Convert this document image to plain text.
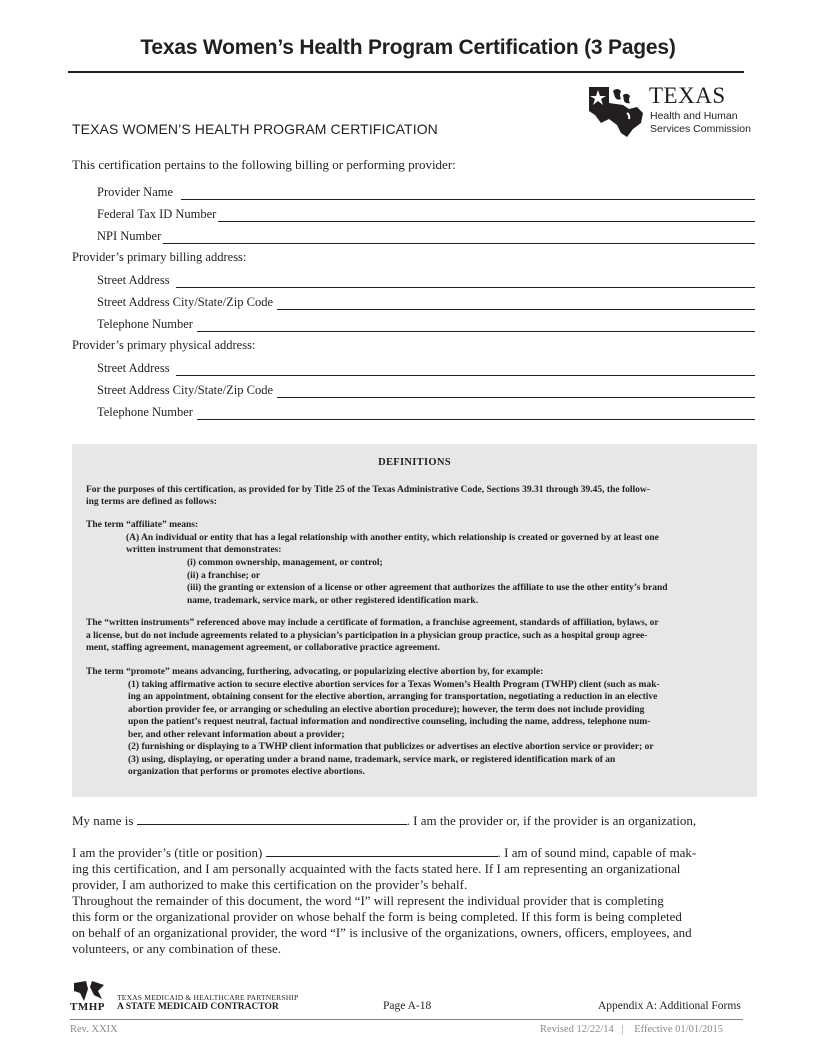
Texas Women’s Health Program Certification (3 Pages)
TEXAS
Health and Human
Services Commission
TEXAS WOMEN’S HEALTH PROGRAM CERTIFICATION
This certification pertains to the following billing or performing provider:
Provider Name
Federal Tax ID Number
NPI Number
Provider’s primary billing address:
Street Address
Street Address City/State/Zip Code
Telephone Number
Provider’s primary physical address:
Street Address
Street Address City/State/Zip Code
Telephone Number
DEFINITIONS
For the purposes of this certification, as provided for by Title 25 of the Texas Administrative Code, Sections 39.31 through 39.45, the follow-
ing terms are defined as follows:
The term “affiliate” means:
(A) An individual or entity that has a legal relationship with another entity, which relationship is created or governed by at least one
written instrument that demonstrates:
(i) common ownership, management, or control;
(ii) a franchise; or
(iii) the granting or extension of a license or other agreement that authorizes the affiliate to use the other entity’s brand
name, trademark, service mark, or other registered identification mark.
The “written instruments” referenced above may include a certificate of formation, a franchise agreement, standards of affiliation, bylaws, or
a license, but do not include agreements related to a physician’s participation in a physician group practice, such as a hospital group agree-
ment, staffing agreement, management agreement, or collaborative practice agreement.
The term “promote” means advancing, furthering, advocating, or popularizing elective abortion by, for example:
(1) taking affirmative action to secure elective abortion services for a Texas Women’s Health Program (TWHP) client (such as mak-
ing an appointment, obtaining consent for the elective abortion, arranging for transportation, negotiating a reduction in an elective
abortion provider fee, or arranging or scheduling an elective abortion procedure); however, the term does not include providing
upon the patient’s request neutral, factual information and nondirective counseling, including the name, address, telephone num-
ber, and other relevant information about a provider;
(2) furnishing or displaying to a TWHP client information that publicizes or advertises an elective abortion service or provider; or
(3) using, displaying, or operating under a brand name, trademark, service mark, or registered identification mark of an
organization that performs or promotes elective abortions.
My name is	. I am the provider or, if the provider is an organization,
I am the provider’s (title or position)	. I am of sound mind, capable of mak-
ing this certification, and I am personally acquainted with the facts stated here. If I am representing an organizational
provider, I am authorized to make this certification on the provider’s behalf.
Throughout the remainder of this document, the word “I” will represent the individual provider that is completing
this form or the organizational provider on whose behalf the form is being completed. If this form is being completed
on behalf of an organizational provider, the word “I” is inclusive of the organizations, owners, officers, employees, and
volunteers, or any combination of these.
TMHP
TEXAS MEDICAID & HEALTHCARE PARTNERSHIP
A STATE MEDICAID CONTRACTOR	Page A-18	Appendix A: Additional Forms
Rev. XXIX	Revised 12/22/14   |    Effective 01/01/2015
